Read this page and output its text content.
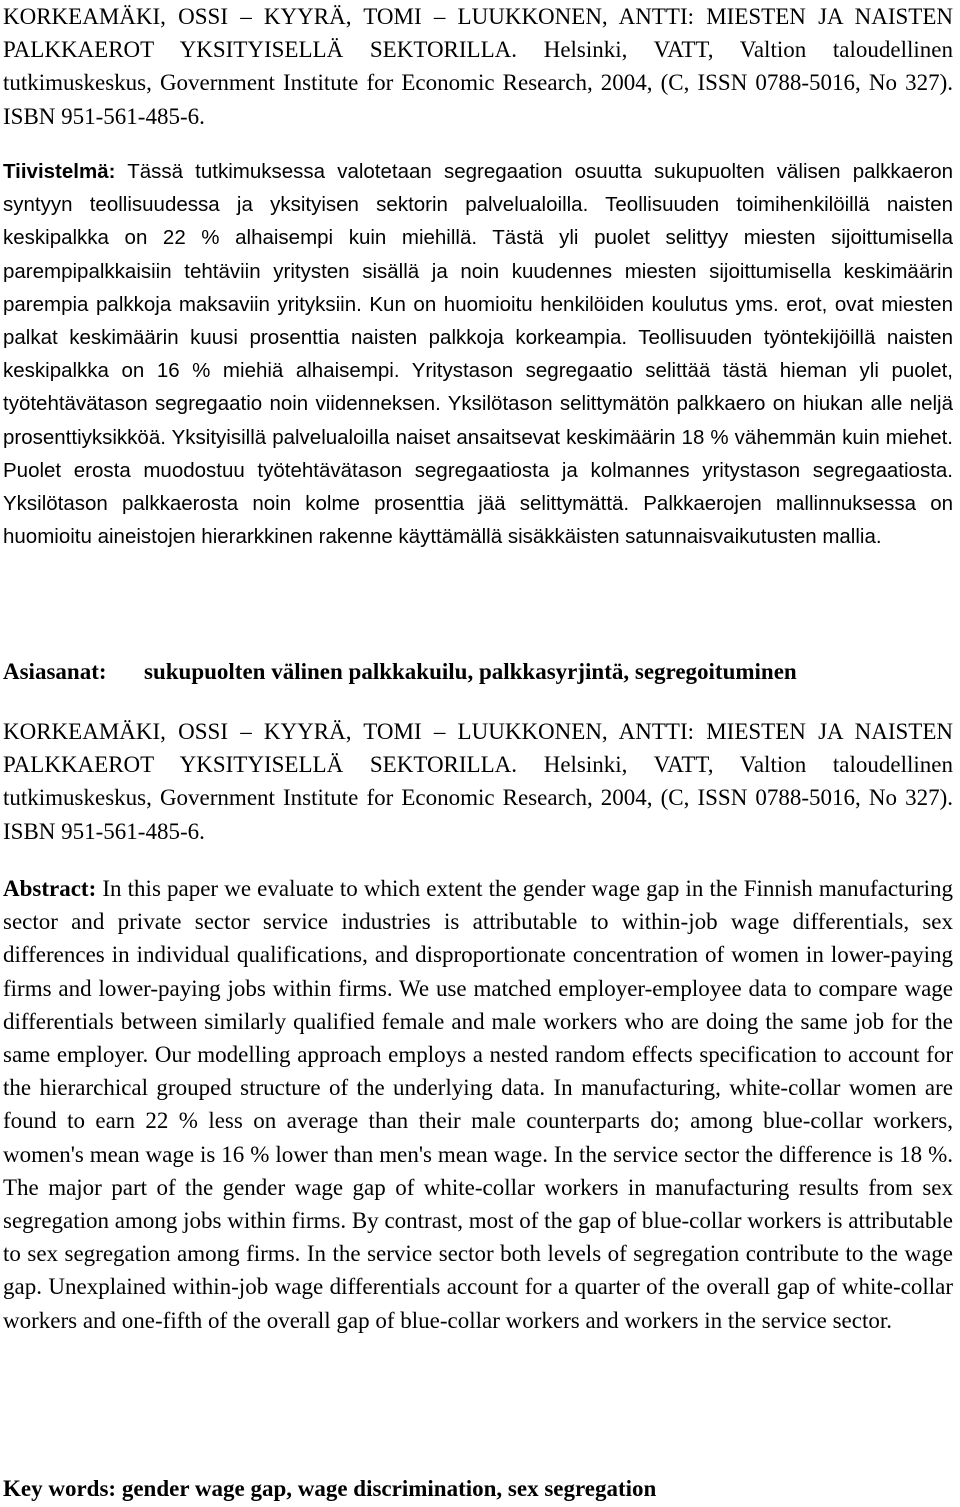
KORKEAMÄKI, OSSI – KYYRÄ, TOMI – LUUKKONEN, ANTTI: MIESTEN JA NAISTEN PALKKAEROT YKSITYISELLÄ SEKTORILLA. Helsinki, VATT, Valtion taloudellinen tutkimuskeskus, Government Institute for Economic Research, 2004, (C, ISSN 0788-5016, No 327). ISBN 951-561-485-6.

Tiivistelmä: Tässä tutkimuksessa valotetaan segregaation osuutta sukupuolten välisen palkkaeron syntyyn teollisuudessa ja yksityisen sektorin palvelualoilla. Teollisuuden toimihenkilöillä naisten keskipalkka on 22 % alhaisempi kuin miehillä. Tästä yli puolet selittyy miesten sijoittumisella parempipalkkaisiin tehtäviin yritysten sisällä ja noin kuudennes miesten sijoittumisella keskimäärin parempia palkkoja maksaviin yrityksiin. Kun on huomioitu henkilöiden koulutus yms. erot, ovat miesten palkat keskimäärin kuusi prosenttia naisten palkkoja korkeampia. Teollisuuden työntekijöillä naisten keskipalkka on 16 % miehiä alhaisempi. Yritystason segregaatio selittää tästä hieman yli puolet, työtehtävätason segregaatio noin viidenneksen. Yksilötason selittymätön palkkaero on hiukan alle neljä prosenttiyksikköä. Yksityisillä palvelualoilla naiset ansaitsevat keskimäärin 18 % vähemmän kuin miehet. Puolet erosta muodostuu työtehtävätason segregaatiosta ja kolmannes yritystason segregaatiosta. Yksilötason palkkaerosta noin kolme prosenttia jää selittymättä. Palkkaerojen mallinnuksessa on huomioitu aineistojen hierarkkinen rakenne käyttämällä sisäkkäisten satunnaisvaikutusten mallia.

Asiasanat: sukupuolten välinen palkkakuilu, palkkasyrjintä, segregoituminen

KORKEAMÄKI, OSSI – KYYRÄ, TOMI – LUUKKONEN, ANTTI: MIESTEN JA NAISTEN PALKKAEROT YKSITYISELLÄ SEKTORILLA. Helsinki, VATT, Valtion taloudellinen tutkimuskeskus, Government Institute for Economic Research, 2004, (C, ISSN 0788-5016, No 327). ISBN 951-561-485-6.

Abstract: In this paper we evaluate to which extent the gender wage gap in the Finnish manufacturing sector and private sector service industries is attributable to within-job wage differentials, sex differences in individual qualifications, and disproportionate concentration of women in lower-paying firms and lower-paying jobs within firms. We use matched employer-employee data to compare wage differentials between similarly qualified female and male workers who are doing the same job for the same employer. Our modelling approach employs a nested random effects specification to account for the hierarchical grouped structure of the underlying data. In manufacturing, white-collar women are found to earn 22 % less on average than their male counterparts do; among blue-collar workers, women's mean wage is 16 % lower than men's mean wage. In the service sector the difference is 18 %. The major part of the gender wage gap of white-collar workers in manufacturing results from sex segregation among jobs within firms. By contrast, most of the gap of blue-collar workers is attributable to sex segregation among firms. In the service sector both levels of segregation contribute to the wage gap. Unexplained within-job wage differentials account for a quarter of the overall gap of white-collar workers and one-fifth of the overall gap of blue-collar workers and workers in the service sector.

Key words: gender wage gap, wage discrimination, sex segregation
